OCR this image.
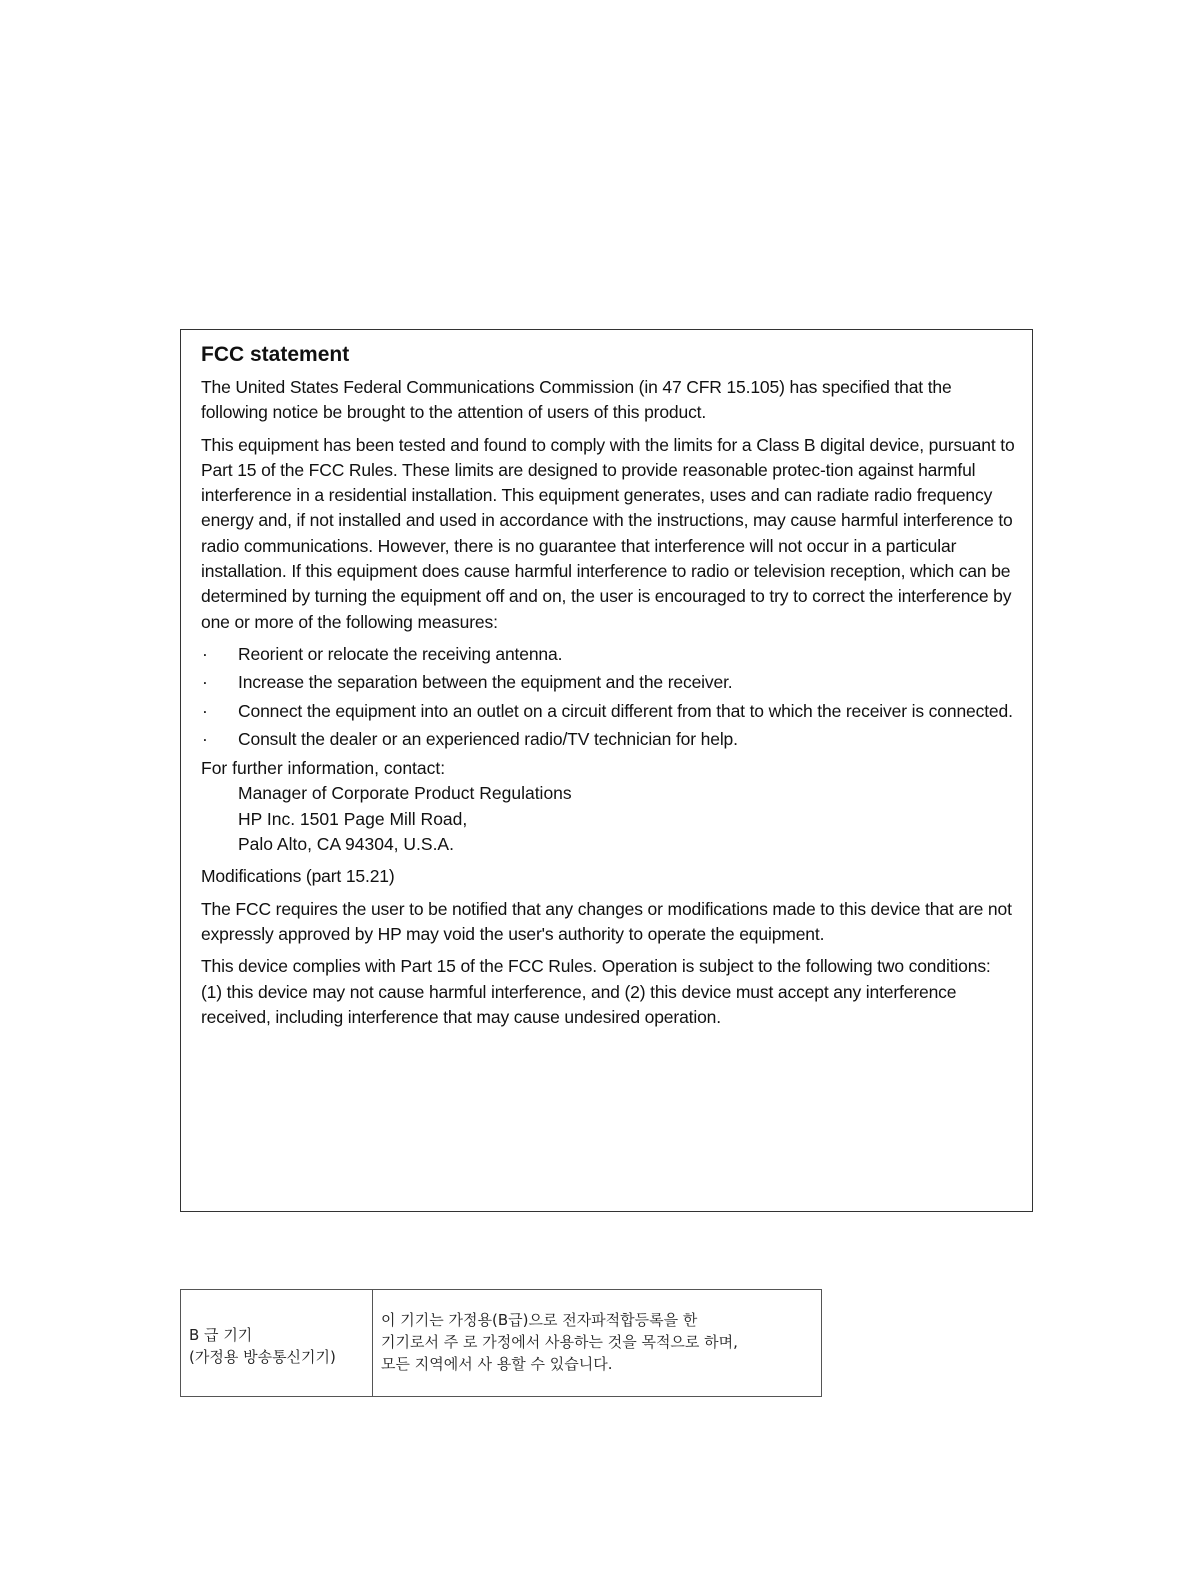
FCC statement

The United States Federal Communications Commission (in 47 CFR 15.105) has specified that the following notice be brought to the attention of users of this product.

This equipment has been tested and found to comply with the limits for a Class B digital device, pursuant to Part 15 of the FCC Rules. These limits are designed to provide reasonable protec-tion against harmful interference in a residential installation. This equipment generates, uses and can radiate radio frequency energy and, if not installed and used in accordance with the instructions, may cause harmful interference to radio communications. However, there is no guarantee that interference will not occur in a particular installation. If this equipment does cause harmful interference to radio or television reception, which can be determined by turning the equipment off and on, the user is encouraged to try to correct the interference by one or more of the following measures:

· Reorient or relocate the receiving antenna.
· Increase the separation between the equipment and the receiver.
· Connect the equipment into an outlet on a circuit different from that to which the receiver is connected.
· Consult the dealer or an experienced radio/TV technician for help.
For further information, contact:
Manager of Corporate Product Regulations
HP Inc. 1501 Page Mill Road,
Palo Alto, CA 94304, U.S.A.

Modifications (part 15.21)

The FCC requires the user to be notified that any changes or modifications made to this device that are not expressly approved by HP may void the user's authority to operate the equipment.

This device complies with Part 15 of the FCC Rules. Operation is subject to the following two conditions: (1) this device may not cause harmful interference, and (2) this device must accept any interference received, including interference that may cause undesired operation.

B 급 기기
(가정용 방송통신기기)
이 기기는 가정용(B급)으로 전자파적합등록을 한
기기로서 주 로 가정에서 사용하는 것을 목적으로 하며,
모든 지역에서 사 용할 수 있습니다.
